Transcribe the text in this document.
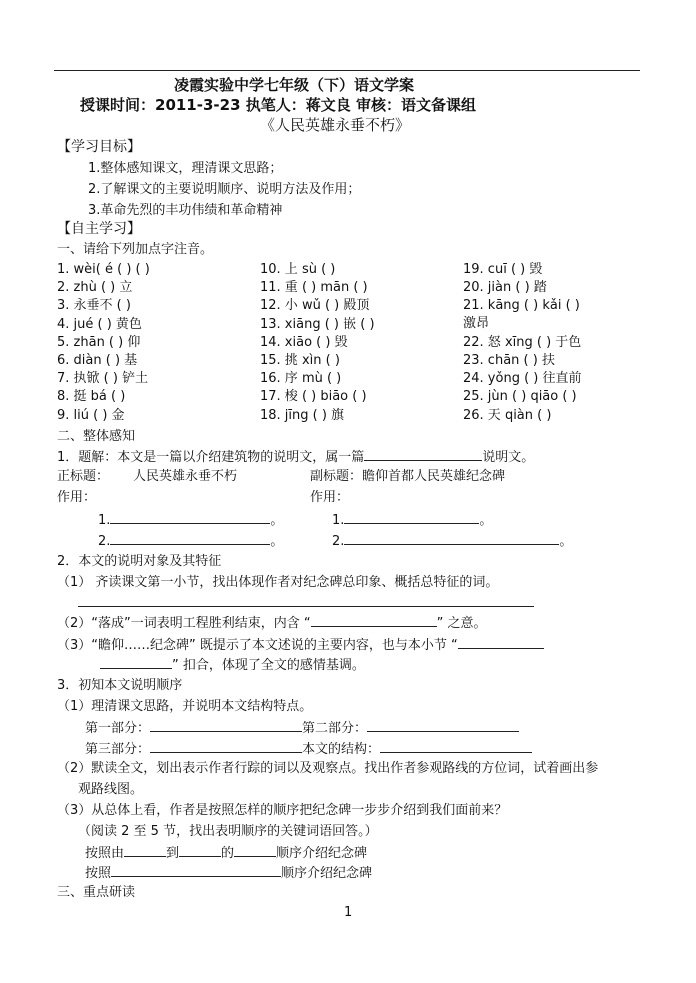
凌霞实验中学七年级（下）语文学案
授课时间：2011-3-23 执笔人：蒋文良 审核：语文备课组
《人民英雄永垂不朽》
【学习目标】
1.整体感知课文，理清课文思路；
2.了解课文的主要说明顺序、说明方法及作用；
3.革命先烈的丰功伟绩和革命精神
【自主学习】
一、请给下列加点字注音。
1. wèi( é ( ) ( )
2. zhù ( ) 立
3. 永垂不 ( )
4. jué ( ) 黄色
5. zhān ( ) 仰
6. diàn ( ) 基
7. 执锨 ( ) 铲土
8. 挺 bá ( )
9. liú ( ) 金
10. 上 sù ( )
11. 重 ( ) mān ( )
12. 小 wǔ ( ) 殿顶
13. xiāng ( ) 嵌 ( )
14. xiāo ( ) 毁
15. 挑 xìn ( )
16. 序 mù ( )
17. 梭 ( ) biāo ( )
18. jīng ( ) 旗
19. cuī ( ) 毁
20. jiàn ( ) 踏
21. kāng ( ) kǎi ( )
激昂
22. 怒 xīng ( ) 于色
23. chān ( ) 扶
24. yǒng ( ) 往直前
25. jùn ( ) qiāo ( )
26. 天 qiàn ( )
二、整体感知
1．题解：本文是一篇以介绍建筑物的说明文，属一篇	说明文。
正标题： 人民英雄永垂不朽	副标题：瞻仰首都人民英雄纪念碑
作用：	作用：
1.	。	1.	。
2.	。	2.	。
2．本文的说明对象及其特征
（1） 齐读课文第一小节，找出体现作者对纪念碑总印象、概括总特征的词。
（2）“落成”一词表明工程胜利结束，内含 “	” 之意。
（3）“瞻仰……纪念碑” 既提示了本文述说的主要内容，也与本小节 “
” 扣合，体现了全文的感情基调。
3．初知本文说明顺序
（1）理清课文思路，并说明本文结构特点。
第一部分：	第二部分：
第三部分：	本文的结构：
（2）默读全文，划出表示作者行踪的词以及观察点。找出作者参观路线的方位词，试着画出参
观路线图。
（3）从总体上看，作者是按照怎样的顺序把纪念碑一步步介绍到我们面前来？
（阅读 2 至 5 节，找出表明顺序的关键词语回答。）
按照由	到	的	顺序介绍纪念碑
按照	顺序介绍纪念碑
三、重点研读
1
